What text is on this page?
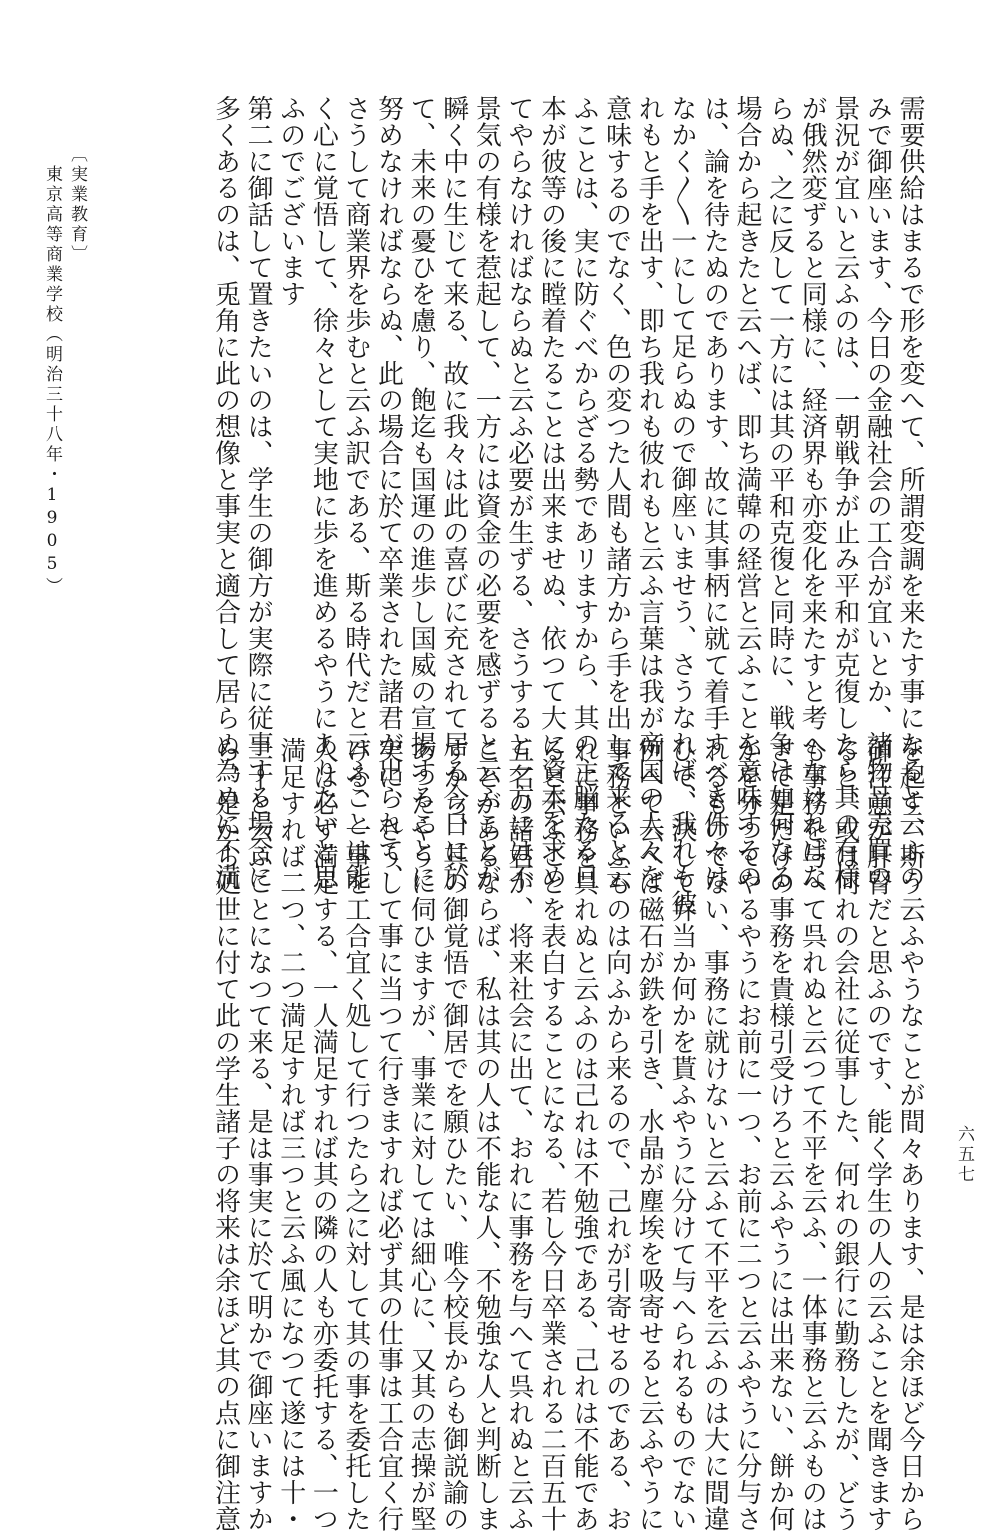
需要供給はまるで形を変へて、所謂変調を来たす事になると云ふの
みで御座います、今日の金融社会の工合が宜いとか、諸物品売買の
景況が宜いと云ふのは、一朝戦争が止み平和が克復したら其の有様
が俄然変ずると同様に、経済界も亦変化を来たすと考へなければな
らぬ、之に反して一方には其の平和克復と同時に、戦争は如何なる
場合から起きたと云へば、即ち満韓の経営と云ふことを意味するの
は、論を待たぬのであります、故に其事柄に就て着手すべき件々は
なかく〳〵一にして足らぬので御座いませう、さうなれば、我れも彼
れもと手を出す、即ち我れも彼れもと云ふ言葉は我が帝国の人々を
意味するのでなく、色の変つた人間も諸方から手を出して来ると云
ふことは、実に防ぐべからざる勢であリますから、其の主脳たる日
本が彼等の後に瞠着たることは出来ませぬ、依つて大に資本を求め
てやらなければならぬと云ふ必要が生ずる、さうすると一方には不
景気の有様を惹起して、一方には資金の必要を感ずると云ふことが
瞬く中に生じて来る、故に我々は此の喜びに充されて居る今日に於
て、未来の憂ひを慮り、飽迄も国運の進歩し国威の宣揚することに
努めなければならぬ、此の場合に於て卒業された諸君が出られて、
さうして商業界を歩むと云ふ訳である、斯る時代だと云ふことは能
く心に覚悟して、徐々として実地に歩を進めるやうにありたいと思
ふのでございます
第二に御話して置きたいのは、学生の御方が実際に従事する場合に
多くあるのは、兎角に此の想像と事実と適合して居らぬ為めに不満
を起す、斯う云ふやうなことが間々あります、是は余ほど今日から
御注意が肝腎だと思ふのです、能く学生の人の云ふことを聞きます
ると、或は何れの会社に従事した、何れの銀行に勤務したが、どう
も事務を与へて呉れぬと云つて不平を云ふ、一体事務と云ふものは
さて是だけの事務を貴様引受けろと云ふやうには出来ない、餅か何
かを分つてやるやうにお前に一つ、お前に二つと云ふやうに分与さ
れるものでない、事務に就けないと云ふて不平を云ふのは大に間違
ひで、決して弁当か何かを貰ふやうに分けて与へられるものでない
例へて云へば磁石が鉄を引き、水晶が塵埃を吸寄せると云ふやうに
事務といふものは向ふから来るので、己れが引寄せるのである、お
れに事務を呉れぬと云ふのは己れは不勉強である、己れは不能であ
ると云ふことを表白することになる、若し今日卒業される二百五十
五名の諸君が、将来社会に出て、おれに事務を与へて呉れぬと云ふ
ことがあるならば、私は其の人は不能な人、不勉強な人と判断しま
すから、其の御覚悟で御居でを願ひたい、唯今校長からも御説諭の
あつたやうに伺ひますが、事業に対しては細心に、又其の志操が堅
実に、さうして事に当つて行きますれば必ず其の仕事は工合宜く行
ける、一事を工合宜く処して行つたら之に対して其の事を委托した
人は必ず満足する、一人満足すれば其の隣の人も亦委托する、一つ
満足すれば二つ、二つ満足すれば三つと云ふ風になつて遂には十・
二十と云ふことになつて来る、是は事実に於て明かで御座いますか
ら、是から処世に付て此の学生諸子の将来は余ほど其の点に御注意
〔実業教育〕
東京高等商業学校（明治三十八年・1905）
六五七
